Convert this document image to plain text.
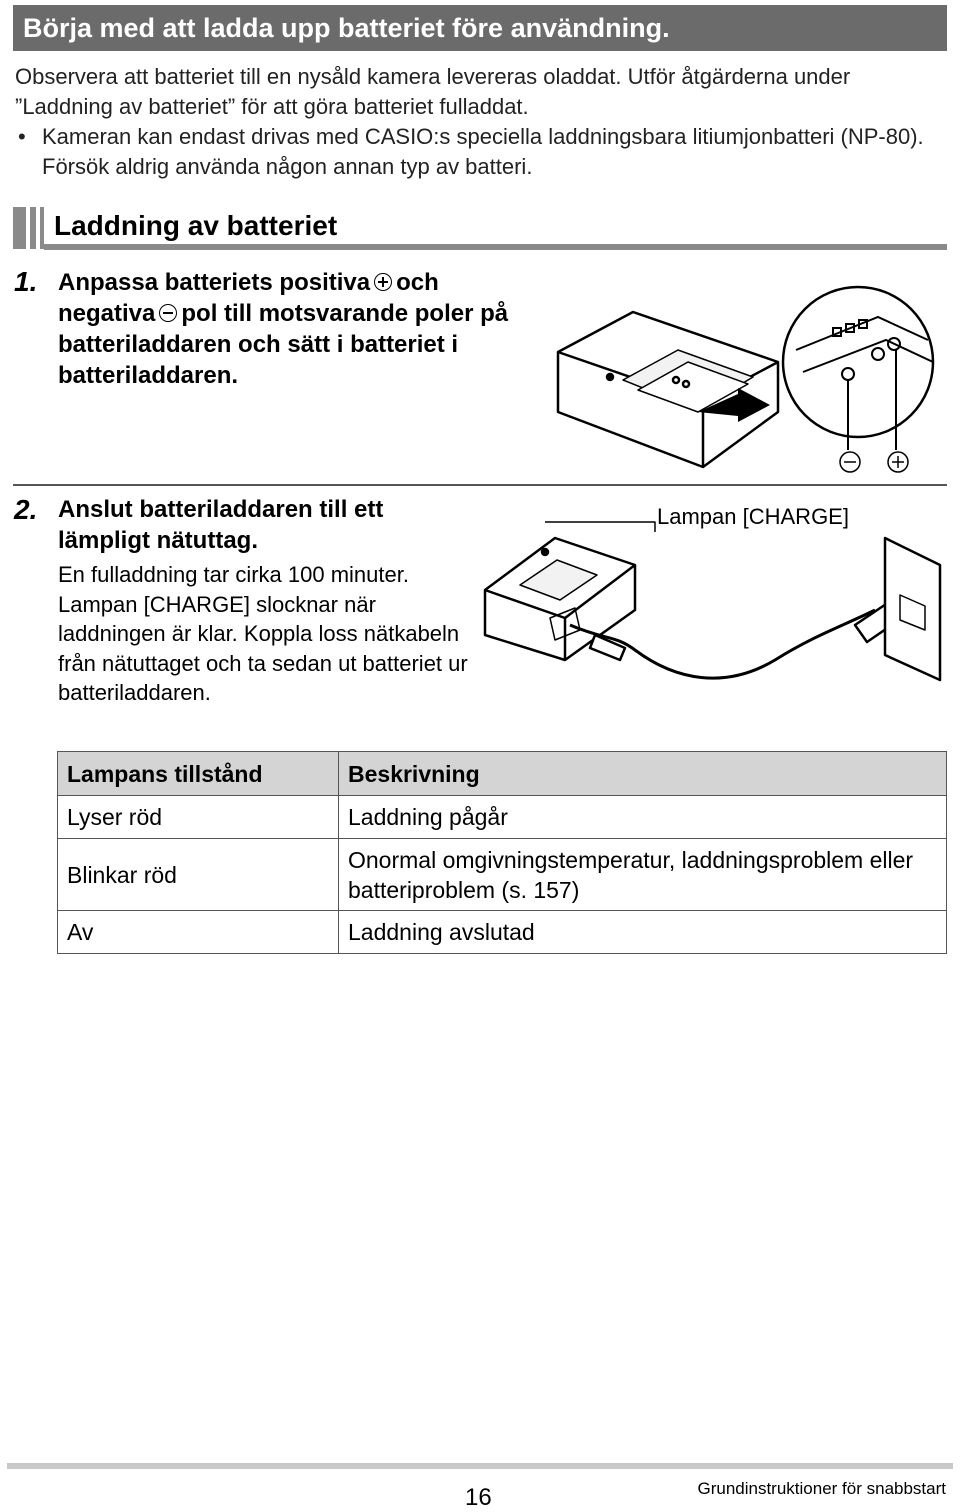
Börja med att ladda upp batteriet före användning.

Observera att batteriet till en nysåld kamera levereras oladdat. Utför åtgärderna under ”Laddning av batteriet” för att göra batteriet fulladdat.

• Kameran kan endast drivas med CASIO:s speciella laddningsbara litiumjonbatteri (NP-80). Försök aldrig använda någon annan typ av batteri.
Laddning av batteriet
1. Anpassa batteriets positiva och negativa pol till motsvarande poler på batteriladdaren och sätt i batteriet i batteriladdaren.
2. Anslut batteriladdaren till ett lämpligt nätuttag.
En fulladdning tar cirka 100 minuter. Lampan [CHARGE] slocknar när laddningen är klar. Koppla loss nätkabeln från nätuttaget och ta sedan ut batteriet ur batteriladdaren.
Lampan [CHARGE]
Lampans tillstånd	Beskrivning
Lyser röd	Laddning pågår
Blinkar röd	Onormal omgivningstemperatur, laddningsproblem eller batteriproblem (s. 157)
Av	Laddning avslutad
16	Grundinstruktioner för snabbstart
